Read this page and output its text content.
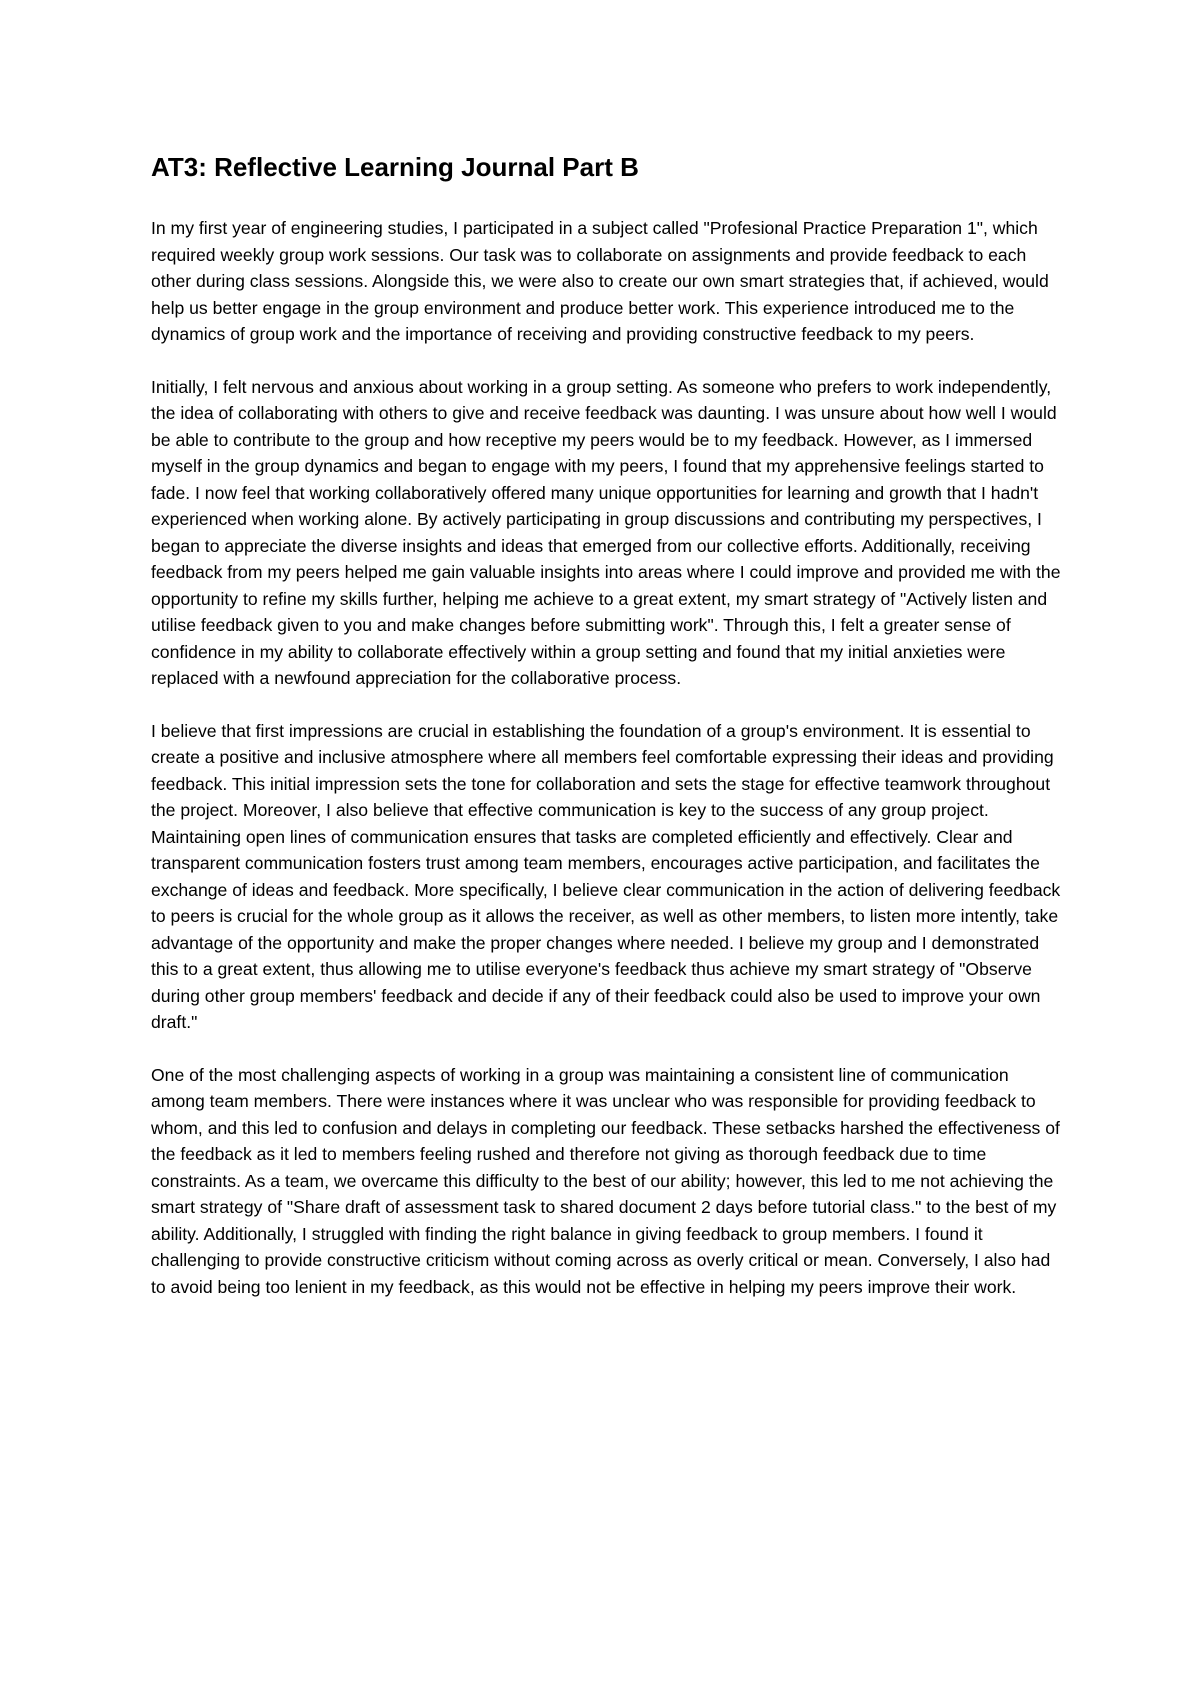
AT3: Reflective Learning Journal Part B

In my first year of engineering studies, I participated in a subject called "Profesional Practice Preparation 1", which required weekly group work sessions. Our task was to collaborate on assignments and provide feedback to each other during class sessions. Alongside this, we were also to create our own smart strategies that, if achieved, would help us better engage in the group environment and produce better work. This experience introduced me to the dynamics of group work and the importance of receiving and providing constructive feedback to my peers.

Initially, I felt nervous and anxious about working in a group setting. As someone who prefers to work independently, the idea of collaborating with others to give and receive feedback was daunting. I was unsure about how well I would be able to contribute to the group and how receptive my peers would be to my feedback. However, as I immersed myself in the group dynamics and began to engage with my peers, I found that my apprehensive feelings started to fade. I now feel that working collaboratively offered many unique opportunities for learning and growth that I hadn't experienced when working alone. By actively participating in group discussions and contributing my perspectives, I began to appreciate the diverse insights and ideas that emerged from our collective efforts. Additionally, receiving feedback from my peers helped me gain valuable insights into areas where I could improve and provided me with the opportunity to refine my skills further, helping me achieve to a great extent, my smart strategy of "Actively listen and utilise feedback given to you and make changes before submitting work". Through this, I felt a greater sense of confidence in my ability to collaborate effectively within a group setting and found that my initial anxieties were replaced with a newfound appreciation for the collaborative process.

I believe that first impressions are crucial in establishing the foundation of a group's environment. It is essential to create a positive and inclusive atmosphere where all members feel comfortable expressing their ideas and providing feedback. This initial impression sets the tone for collaboration and sets the stage for effective teamwork throughout the project. Moreover, I also believe that effective communication is key to the success of any group project. Maintaining open lines of communication ensures that tasks are completed efficiently and effectively. Clear and transparent communication fosters trust among team members, encourages active participation, and facilitates the exchange of ideas and feedback. More specifically, I believe clear communication in the action of delivering feedback to peers is crucial for the whole group as it allows the receiver, as well as other members, to listen more intently, take advantage of the opportunity and make the proper changes where needed. I believe my group and I demonstrated this to a great extent, thus allowing me to utilise everyone's feedback thus achieve my smart strategy of "Observe during other group members' feedback and decide if any of their feedback could also be used to improve your own draft."

One of the most challenging aspects of working in a group was maintaining a consistent line of communication among team members. There were instances where it was unclear who was responsible for providing feedback to whom, and this led to confusion and delays in completing our feedback. These setbacks harshed the effectiveness of the feedback as it led to members feeling rushed and therefore not giving as thorough feedback due to time constraints. As a team, we overcame this difficulty to the best of our ability; however, this led to me not achieving the smart strategy of "Share draft of assessment task to shared document 2 days before tutorial class." to the best of my ability. Additionally, I struggled with finding the right balance in giving feedback to group members. I found it challenging to provide constructive criticism without coming across as overly critical or mean. Conversely, I also had to avoid being too lenient in my feedback, as this would not be effective in helping my peers improve their work.
